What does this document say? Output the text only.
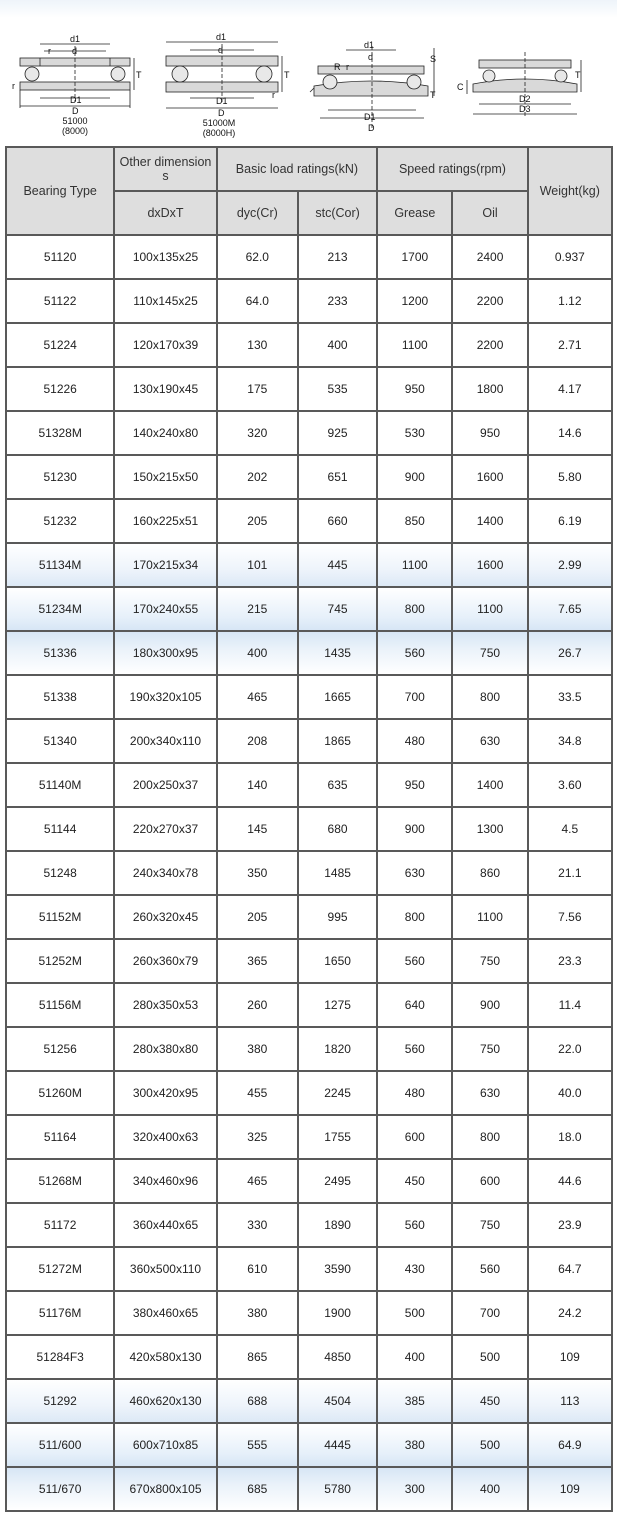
d1
d
r
r
T
D1
D
51000
(8000)
d1
d
r
T
D1
D
51000M
(8000H)
d1
d
R r
S
T
D1
D
C
T
D2
D3
Bearing Type	Other dimension s	Basic load ratings(kN)		Speed ratings(rpm)		Weight(kg)
	dxDxT	dyc(Cr)	stc(Cor)	Grease	Oil	
51120	100x135x25	62.0	213	1700	2400	0.937
51122	110x145x25	64.0	233	1200	2200	1.12
51224	120x170x39	130	400	1100	2200	2.71
51226	130x190x45	175	535	950	1800	4.17
51328M	140x240x80	320	925	530	950	14.6
51230	150x215x50	202	651	900	1600	5.80
51232	160x225x51	205	660	850	1400	6.19
51134M	170x215x34	101	445	1100	1600	2.99
51234M	170x240x55	215	745	800	1100	7.65
51336	180x300x95	400	1435	560	750	26.7
51338	190x320x105	465	1665	700	800	33.5
51340	200x340x110	208	1865	480	630	34.8
51140M	200x250x37	140	635	950	1400	3.60
51144	220x270x37	145	680	900	1300	4.5
51248	240x340x78	350	1485	630	860	21.1
51152M	260x320x45	205	995	800	1100	7.56
51252M	260x360x79	365	1650	560	750	23.3
51156M	280x350x53	260	1275	640	900	11.4
51256	280x380x80	380	1820	560	750	22.0
51260M	300x420x95	455	2245	480	630	40.0
51164	320x400x63	325	1755	600	800	18.0
51268M	340x460x96	465	2495	450	600	44.6
51172	360x440x65	330	1890	560	750	23.9
51272M	360x500x110	610	3590	430	560	64.7
51176M	380x460x65	380	1900	500	700	24.2
51284F3	420x580x130	865	4850	400	500	109
51292	460x620x130	688	4504	385	450	113
511/600	600x710x85	555	4445	380	500	64.9
511/670	670x800x105	685	5780	300	400	109
